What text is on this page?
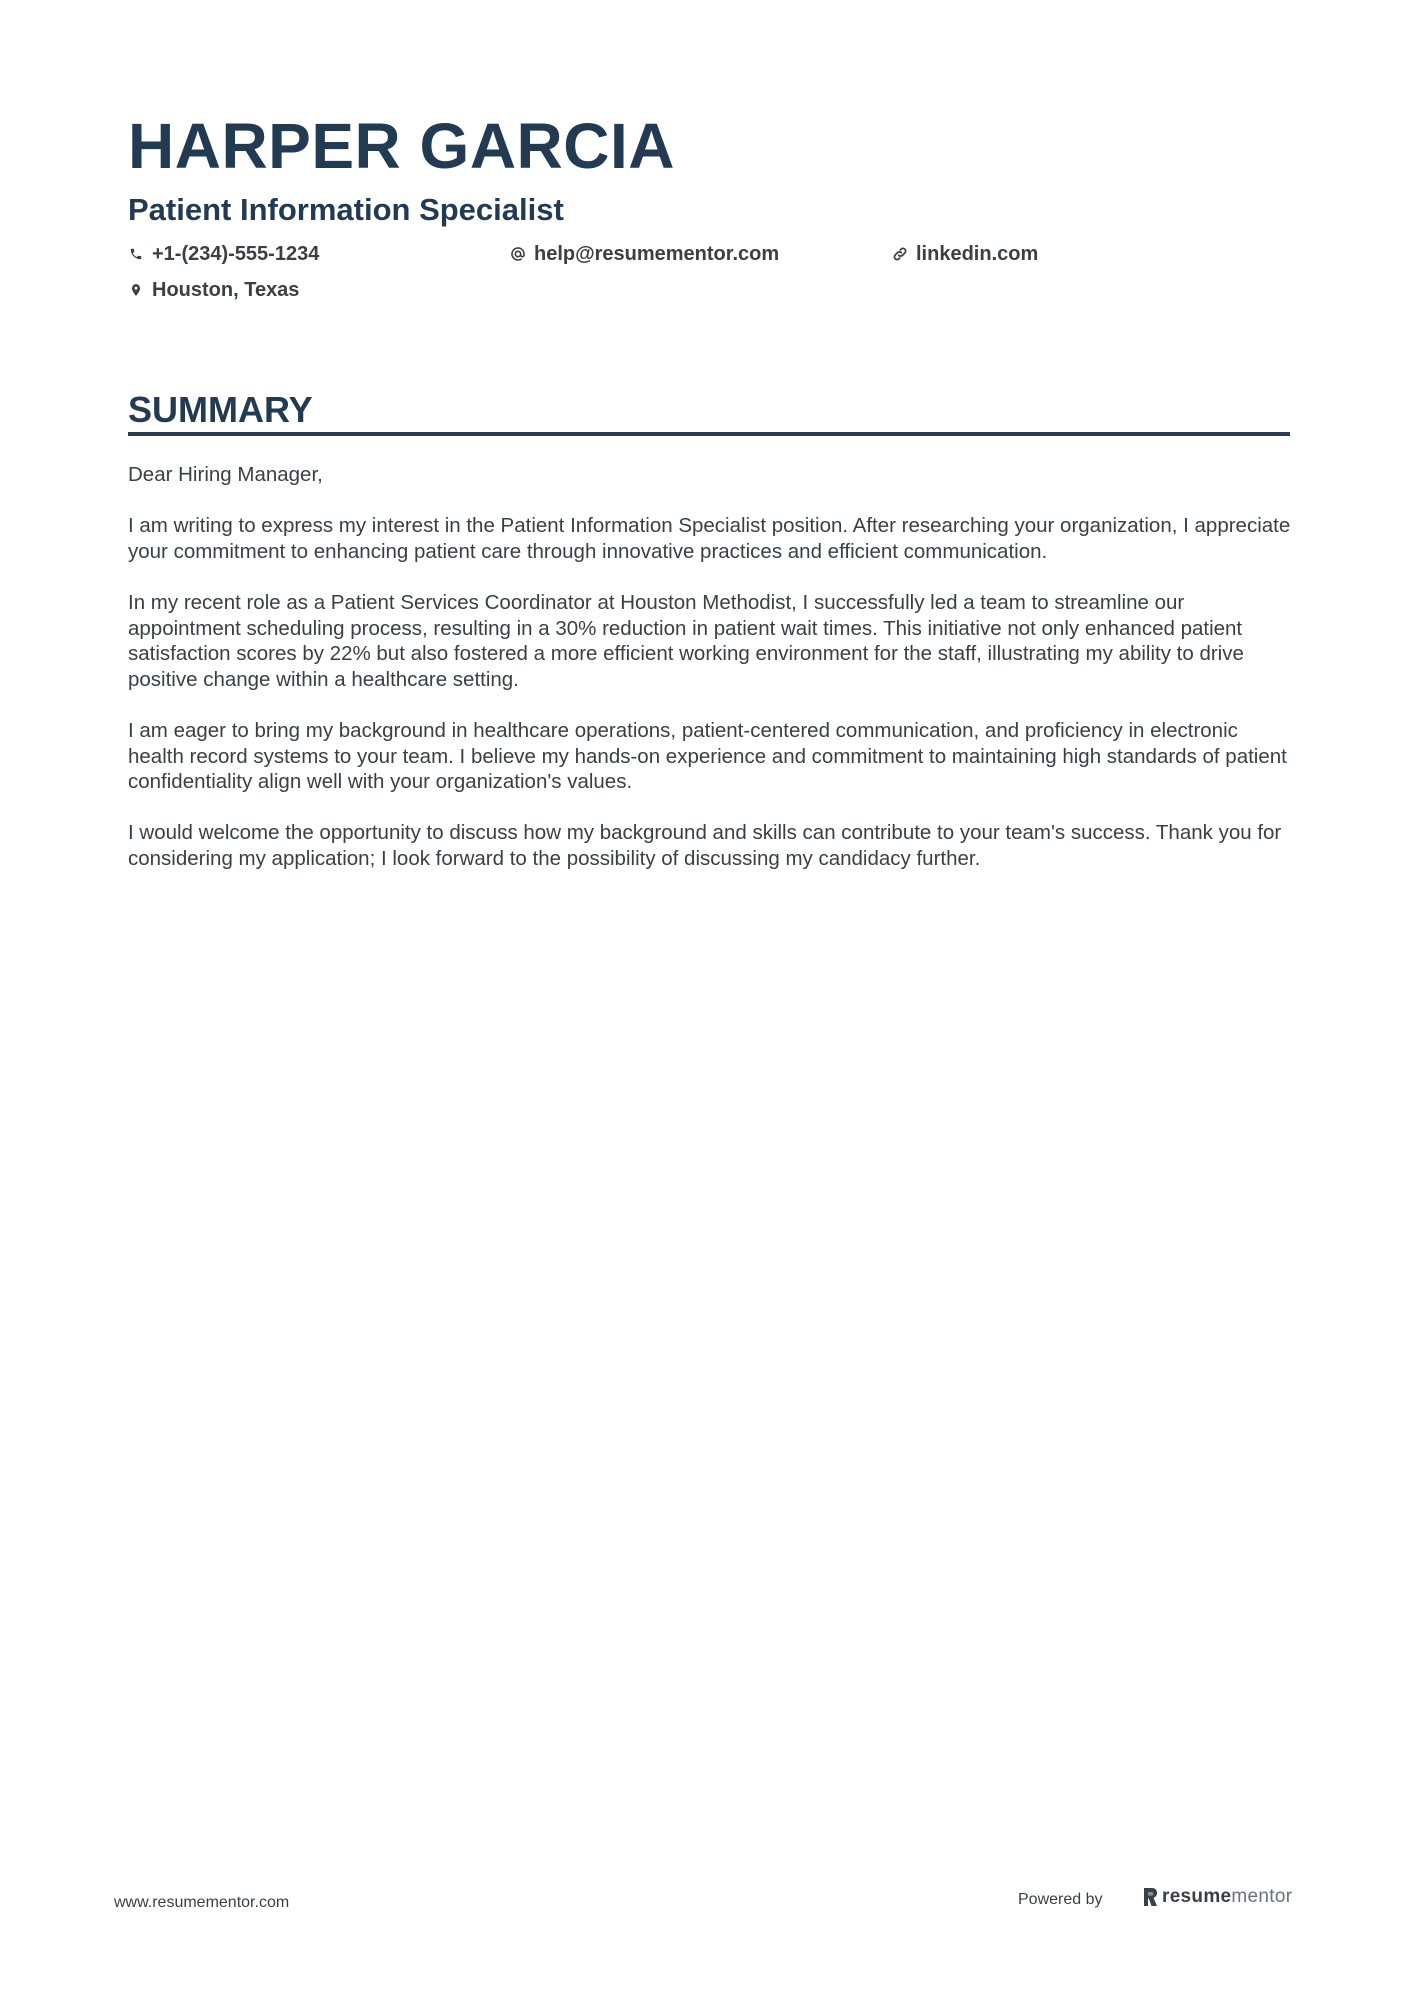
HARPER GARCIA
Patient Information Specialist
+1-(234)-555-1234	help@resumementor.com	linkedin.com
Houston, Texas
SUMMARY

Dear Hiring Manager,

I am writing to express my interest in the Patient Information Specialist position. After researching your organization, I appreciate your commitment to enhancing patient care through innovative practices and efficient communication.

In my recent role as a Patient Services Coordinator at Houston Methodist, I successfully led a team to streamline our appointment scheduling process, resulting in a 30% reduction in patient wait times. This initiative not only enhanced patient satisfaction scores by 22% but also fostered a more efficient working environment for the staff, illustrating my ability to drive positive change within a healthcare setting.

I am eager to bring my background in healthcare operations, patient-centered communication, and proficiency in electronic health record systems to your team. I believe my hands-on experience and commitment to maintaining high standards of patient confidentiality align well with your organization's values.

I would welcome the opportunity to discuss how my background and skills can contribute to your team's success. Thank you for considering my application; I look forward to the possibility of discussing my candidacy further.

www.resumementor.com	Powered by	resumementor
